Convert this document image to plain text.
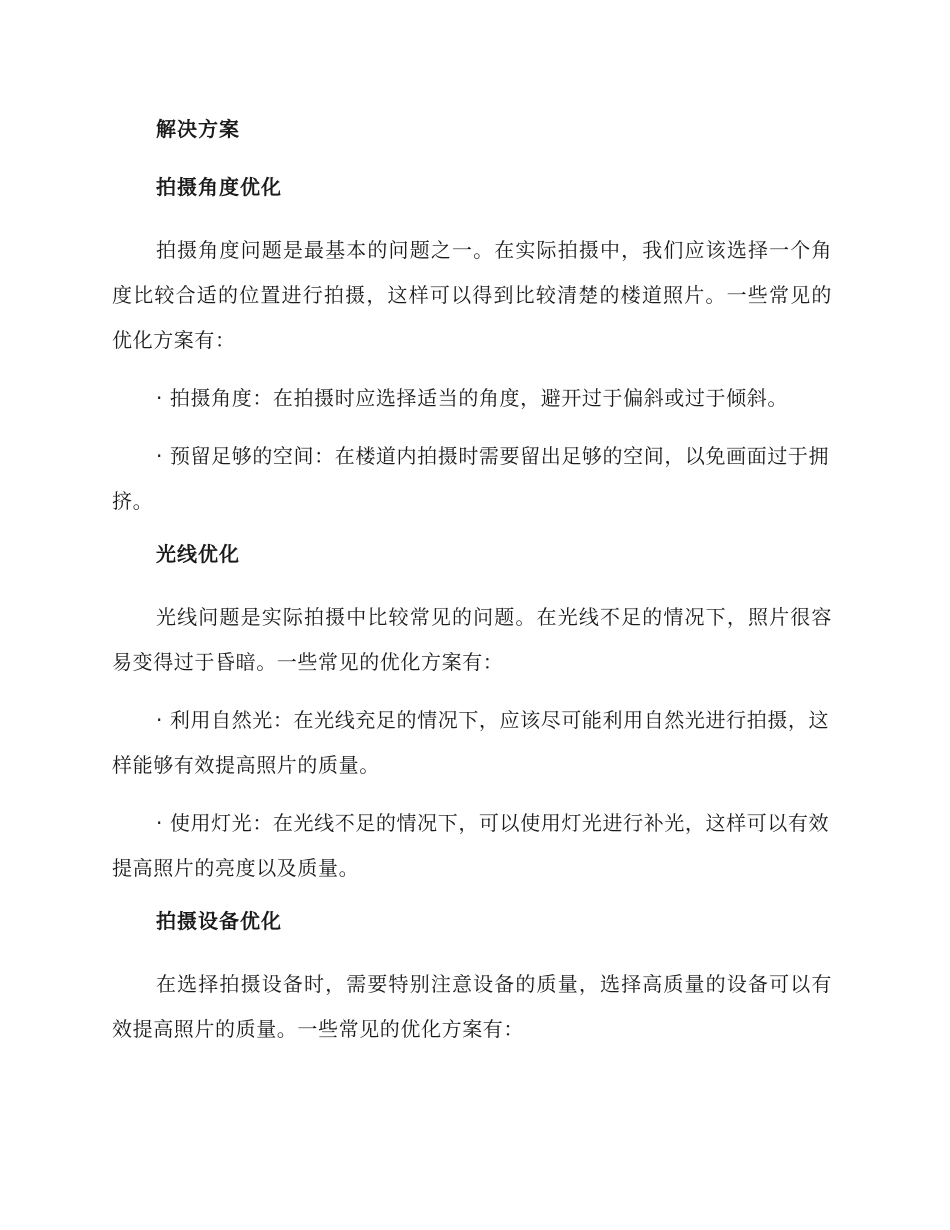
解决方案
拍摄角度优化

拍摄角度问题是最基本的问题之一。在实际拍摄中，我们应该选择一个角度比较合适的位置进行拍摄，这样可以得到比较清楚的楼道照片。一些常见的优化方案有：

· 拍摄角度：在拍摄时应选择适当的角度，避开过于偏斜或过于倾斜。

· 预留足够的空间：在楼道内拍摄时需要留出足够的空间，以免画面过于拥挤。

光线优化

光线问题是实际拍摄中比较常见的问题。在光线不足的情况下，照片很容易变得过于昏暗。一些常见的优化方案有：

· 利用自然光：在光线充足的情况下，应该尽可能利用自然光进行拍摄，这样能够有效提高照片的质量。

· 使用灯光：在光线不足的情况下，可以使用灯光进行补光，这样可以有效提高照片的亮度以及质量。

拍摄设备优化

在选择拍摄设备时，需要特别注意设备的质量，选择高质量的设备可以有效提高照片的质量。一些常见的优化方案有：
